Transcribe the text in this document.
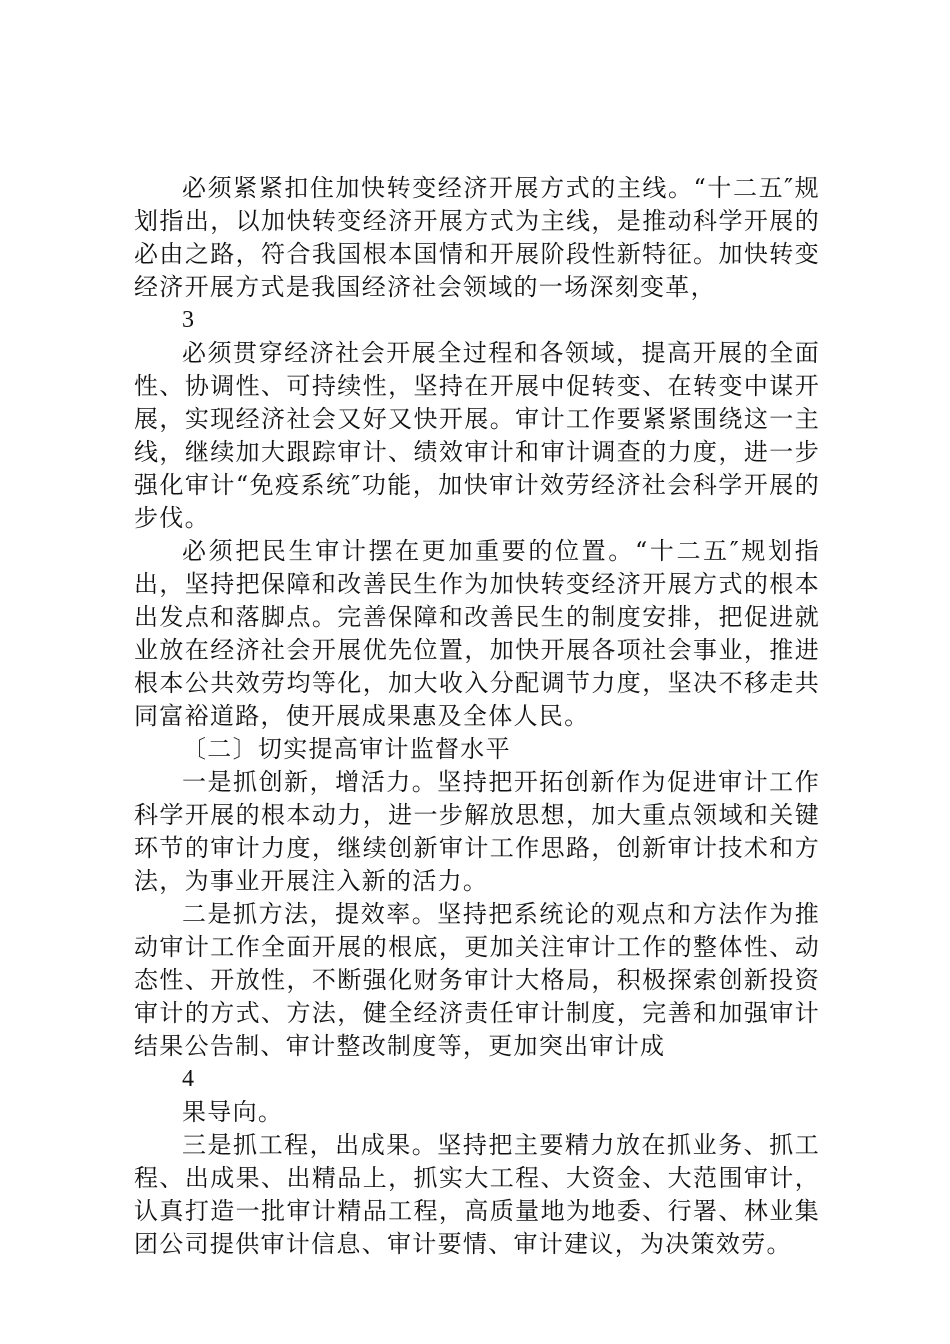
必须紧紧扣住加快转变经济开展方式的主线。“十二五″规划指出，以加快转变经济开展方式为主线，是推动科学开展的必由之路，符合我国根本国情和开展阶段性新特征。加快转变经济开展方式是我国经济社会领域的一场深刻变革，

3

必须贯穿经济社会开展全过程和各领域，提高开展的全面性、协调性、可持续性，坚持在开展中促转变、在转变中谋开展，实现经济社会又好又快开展。审计工作要紧紧围绕这一主线，继续加大跟踪审计、绩效审计和审计调查的力度，进一步强化审计“免疫系统″功能，加快审计效劳经济社会科学开展的步伐。

必须把民生审计摆在更加重要的位置。“十二五″规划指出，坚持把保障和改善民生作为加快转变经济开展方式的根本出发点和落脚点。完善保障和改善民生的制度安排，把促进就业放在经济社会开展优先位置，加快开展各项社会事业，推进根本公共效劳均等化，加大收入分配调节力度，坚决不移走共同富裕道路，使开展成果惠及全体人民。

〔二〕切实提高审计监督水平

一是抓创新，增活力。坚持把开拓创新作为促进审计工作科学开展的根本动力，进一步解放思想，加大重点领域和关键环节的审计力度，继续创新审计工作思路，创新审计技术和方法，为事业开展注入新的活力。

二是抓方法，提效率。坚持把系统论的观点和方法作为推动审计工作全面开展的根底，更加关注审计工作的整体性、动态性、开放性，不断强化财务审计大格局，积极探索创新投资审计的方式、方法，健全经济责任审计制度，完善和加强审计结果公告制、审计整改制度等，更加突出审计成

4

果导向。

三是抓工程，出成果。坚持把主要精力放在抓业务、抓工程、出成果、出精品上，抓实大工程、大资金、大范围审计，认真打造一批审计精品工程，高质量地为地委、行署、林业集团公司提供审计信息、审计要情、审计建议，为决策效劳。
